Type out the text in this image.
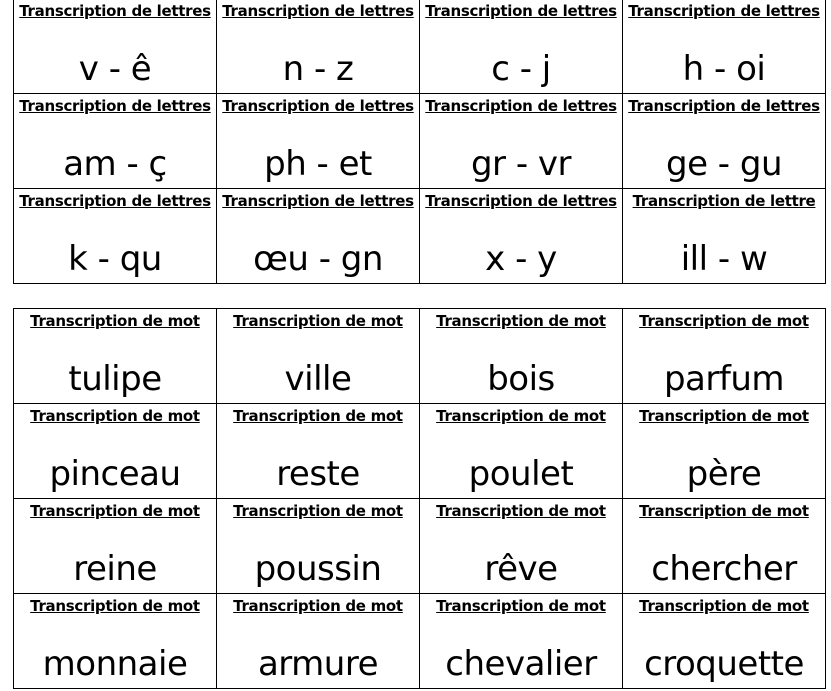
Transcription de lettres
v - ê
Transcription de lettres
n - z
Transcription de lettres
c - j
Transcription de lettres
h - oi
Transcription de lettres
am - ç
Transcription de lettres
ph - et
Transcription de lettres
gr - vr
Transcription de lettres
ge - gu
Transcription de lettres
k - qu
Transcription de lettres
œu - gn
Transcription de lettres
x - y
Transcription de lettre
ill - w
Transcription de mot
tulipe
Transcription de mot
ville
Transcription de mot
bois
Transcription de mot
parfum
Transcription de mot
pinceau
Transcription de mot
reste
Transcription de mot
poulet
Transcription de mot
père
Transcription de mot
reine
Transcription de mot
poussin
Transcription de mot
rêve
Transcription de mot
chercher
Transcription de mot
monnaie
Transcription de mot
armure
Transcription de mot
chevalier
Transcription de mot
croquette
